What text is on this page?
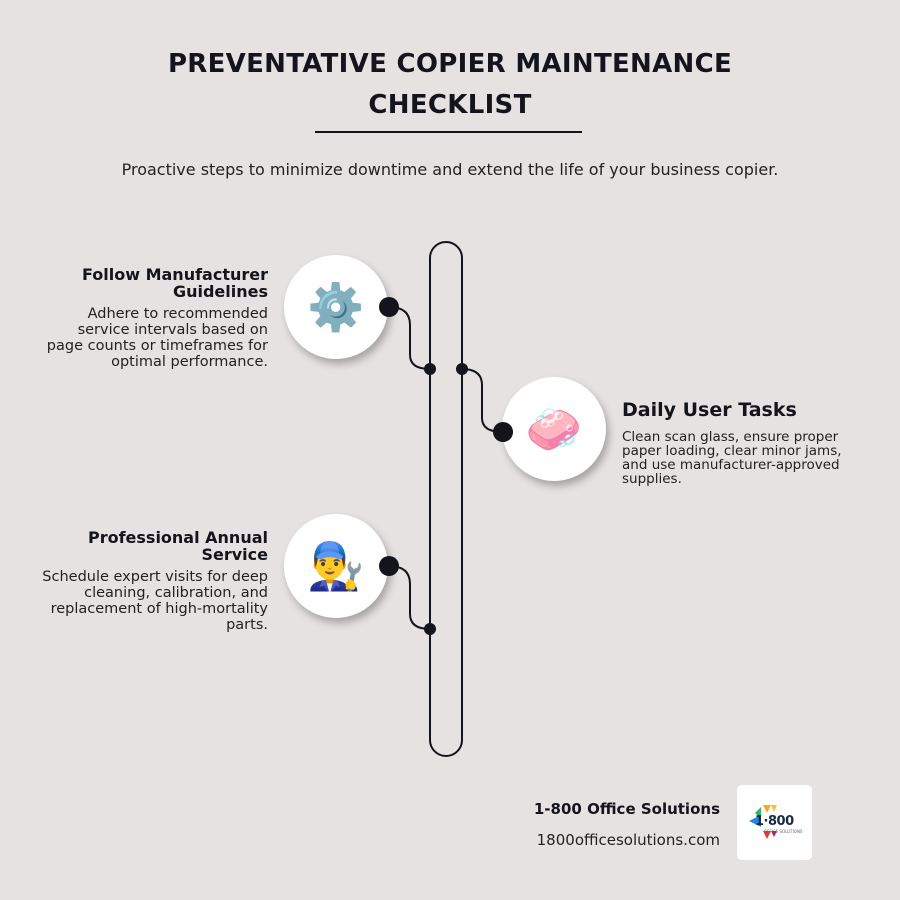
PREVENTATIVE COPIER MAINTENANCE
CHECKLIST
Proactive steps to minimize downtime and extend the life of your business copier.
Follow Manufacturer
Guidelines
Adhere to recommended service intervals based on page counts or timeframes for optimal performance.
⚙️
🧼 Daily User Tasks
Clean scan glass, ensure proper paper loading, clear minor jams, and use manufacturer-approved supplies.
Professional Annual
Service
Schedule expert visits for deep cleaning, calibration, and replacement of high-mortality parts.
👨‍🔧
1-800 Office Solutions
1800officesolutions.com
1·800
OFFICE SOLUTIONS
